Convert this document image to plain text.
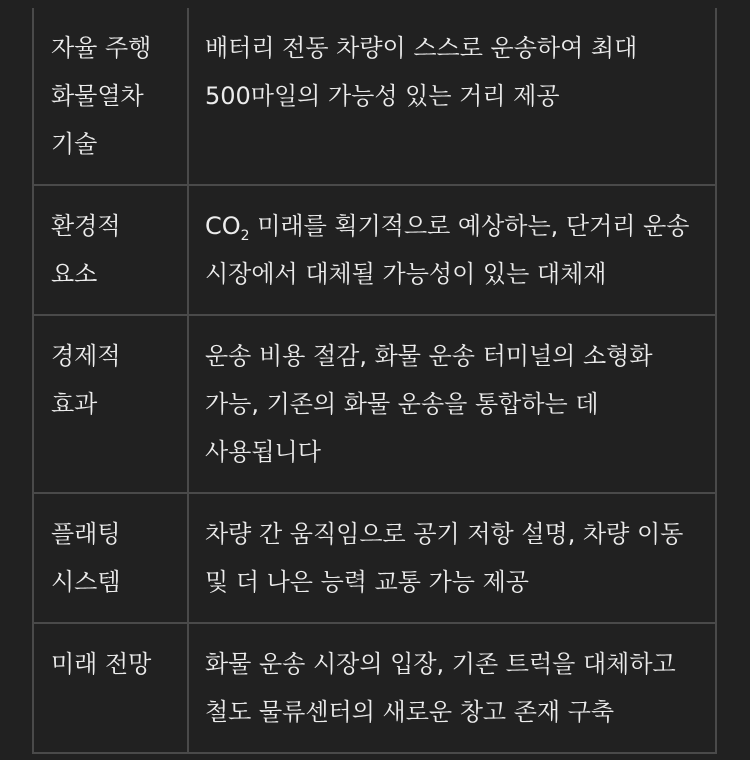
자율 주행 화물열차 기술	배터리 전동 차량이 스스로 운송하여 최대 500마일의 가능성 있는 거리 제공
환경적 요소	$CO_2$ 미래를 획기적으로 예상하는, 단거리 운송 시장에서 대체될 가능성이 있는 대체재
경제적 효과	운송 비용 절감, 화물 운송 터미널의 소형화 가능, 기존의 화물 운송을 통합하는 데 사용됩니다
플래팅 시스템	차량 간 움직임으로 공기 저항 설명, 차량 이동 및 더 나은 능력 교통 가능 제공
미래 전망	화물 운송 시장의 입장, 기존 트럭을 대체하고 철도 물류센터의 새로운 창고 존재 구축
